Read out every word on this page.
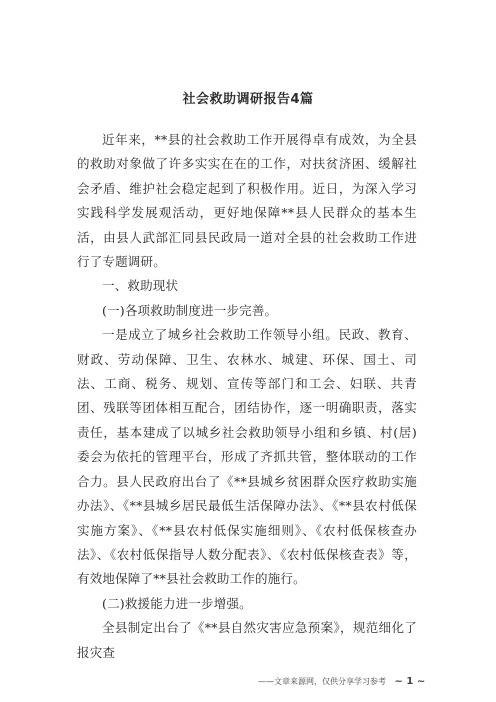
社会救助调研报告4篇

近年来，**县的社会救助工作开展得卓有成效，为全县的救助对象做了许多实实在在的工作，对扶贫济困、缓解社会矛盾、维护社会稳定起到了积极作用。近日，为深入学习实践科学发展观活动，更好地保障**县人民群众的基本生活，由县人武部汇同县民政局一道对全县的社会救助工作进行了专题调研。

一、救助现状

(一)各项救助制度进一步完善。

一是成立了城乡社会救助工作领导小组。民政、教育、财政、劳动保障、卫生、农林水、城建、环保、国土、司法、工商、税务、规划、宣传等部门和工会、妇联、共青团、残联等团体相互配合，团结协作，逐一明确职责，落实责任，基本建成了以城乡社会救助领导小组和乡镇、村(居)委会为依托的管理平台，形成了齐抓共管，整体联动的工作合力。县人民政府出台了《**县城乡贫困群众医疗救助实施办法》、《**县城乡居民最低生活保障办法》、《**县农村低保实施方案》、《**县农村低保实施细则》、《农村低保核查办法》、《农村低保指导人数分配表》、《农村低保核查表》等，有效地保障了**县社会救助工作的施行。

(二)救援能力进一步增强。

全县制定出台了《**县自然灾害应急预案》，规范细化了报灾查

——文章来源网，仅供分享学习参考 ~ 1 ~
